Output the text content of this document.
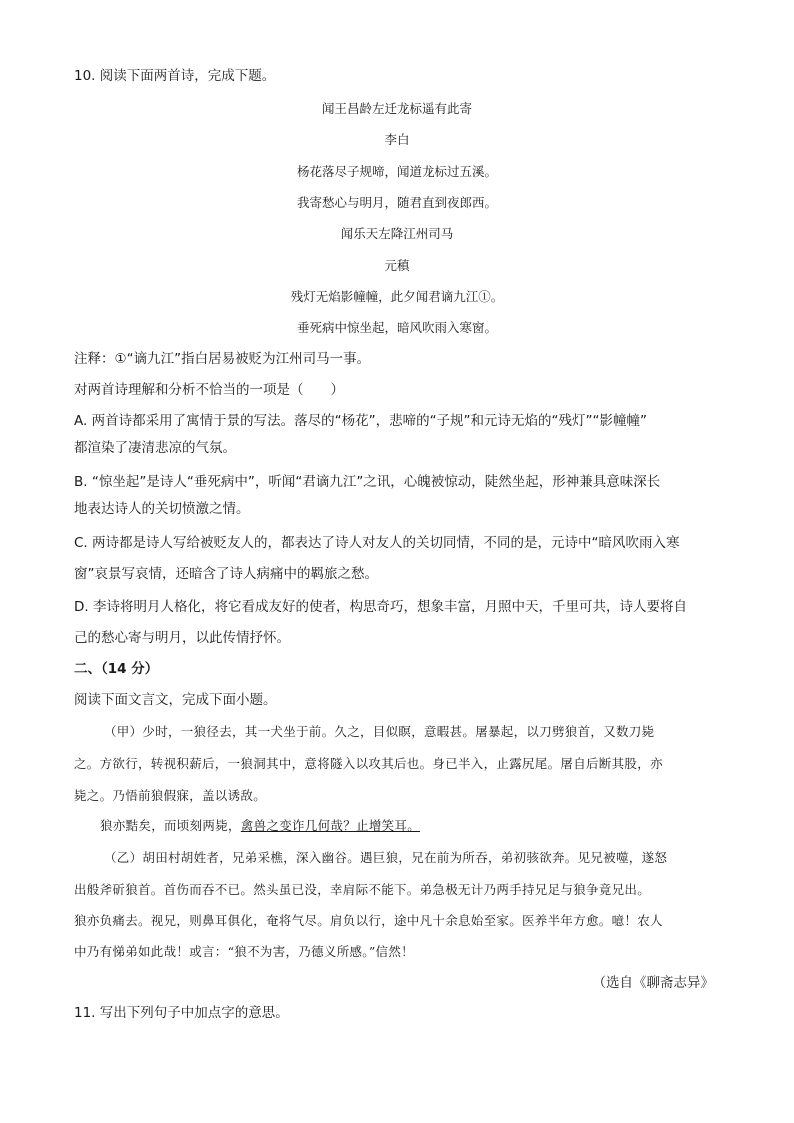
10. 阅读下面两首诗，完成下题。
闻王昌龄左迁龙标遥有此寄
李白
杨花落尽子规啼，闻道龙标过五溪。
我寄愁心与明月，随君直到夜郎西。
闻乐天左降江州司马
元稹
残灯无焰影幢幢，此夕闻君谪九江①。
垂死病中惊坐起，暗风吹雨入寒窗。
注释：①“谪九江”指白居易被贬为江州司马一事。
对两首诗理解和分析不恰当的一项是（　　）
A. 两首诗都采用了寓情于景的写法。落尽的“杨花”，悲啼的“子规”和元诗无焰的“残灯”“影幢幢”
都渲染了凄清悲凉的气氛。
B. “惊坐起”是诗人“垂死病中”，听闻“君谪九江”之讯，心魄被惊动，陡然坐起，形神兼具意味深长
地表达诗人的关切愤激之情。
C. 两诗都是诗人写给被贬友人的，都表达了诗人对友人的关切同情，不同的是，元诗中“暗风吹雨入寒
窗”哀景写哀情，还暗含了诗人病痛中的羁旅之愁。
D. 李诗将明月人格化，将它看成友好的使者，构思奇巧，想象丰富，月照中天，千里可共，诗人要将自
己的愁心寄与明月，以此传情抒怀。
二、（14 分）
阅读下面文言文，完成下面小题。
（甲）少时，一狼径去，其一犬坐于前。久之，目似瞑，意暇甚。屠暴起，以刀劈狼首，又数刀毙
之。方欲行，转视积薪后，一狼洞其中，意将隧入以攻其后也。身已半入，止露尻尾。屠自后断其股，亦
毙之。乃悟前狼假寐，盖以诱敌。
狼亦黠矣，而顷刻两毙，禽兽之变诈几何哉？止增笑耳。
（乙）胡田村胡姓者，兄弟采樵，深入幽谷。遇巨狼，兄在前为所吞，弟初骇欲奔。见兄被噬，遂怒
出般斧斫狼首。首伤而吞不已。然头虽已没，幸肩际不能下。弟急极无计乃两手持兄足与狼争竟兄出。
狼亦负痛去。视兄，则鼻耳俱化，奄将气尽。肩负以行，途中凡十余息始至家。医养半年方愈。噫！农人
中乃有悌弟如此哉！或言：“狼不为害，乃德义所感。”信然！
（选自《聊斋志异》
11. 写出下列句子中加点字的意思。
